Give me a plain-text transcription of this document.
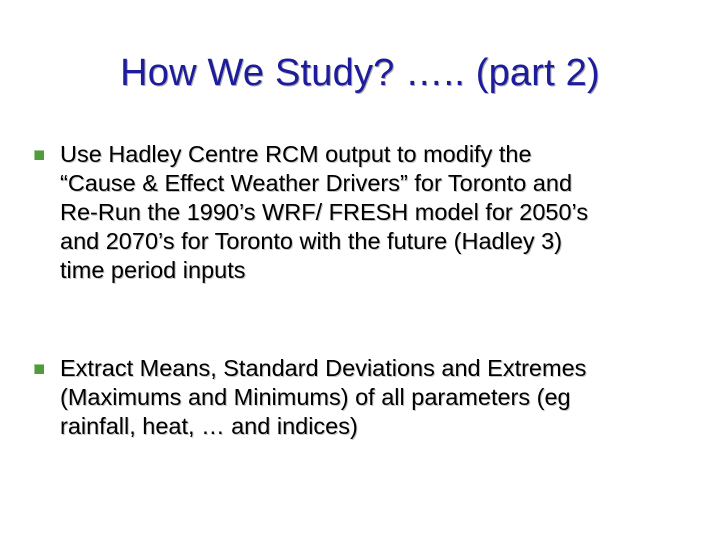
How We Study? ….. (part 2)
Use Hadley Centre RCM output to modify the
“Cause & Effect Weather Drivers” for Toronto and
Re-Run the 1990’s WRF/ FRESH model for 2050’s
and 2070’s for Toronto with the future (Hadley 3)
time period inputs
Extract Means, Standard Deviations and Extremes
(Maximums and Minimums) of all parameters (eg
rainfall, heat, … and indices)
